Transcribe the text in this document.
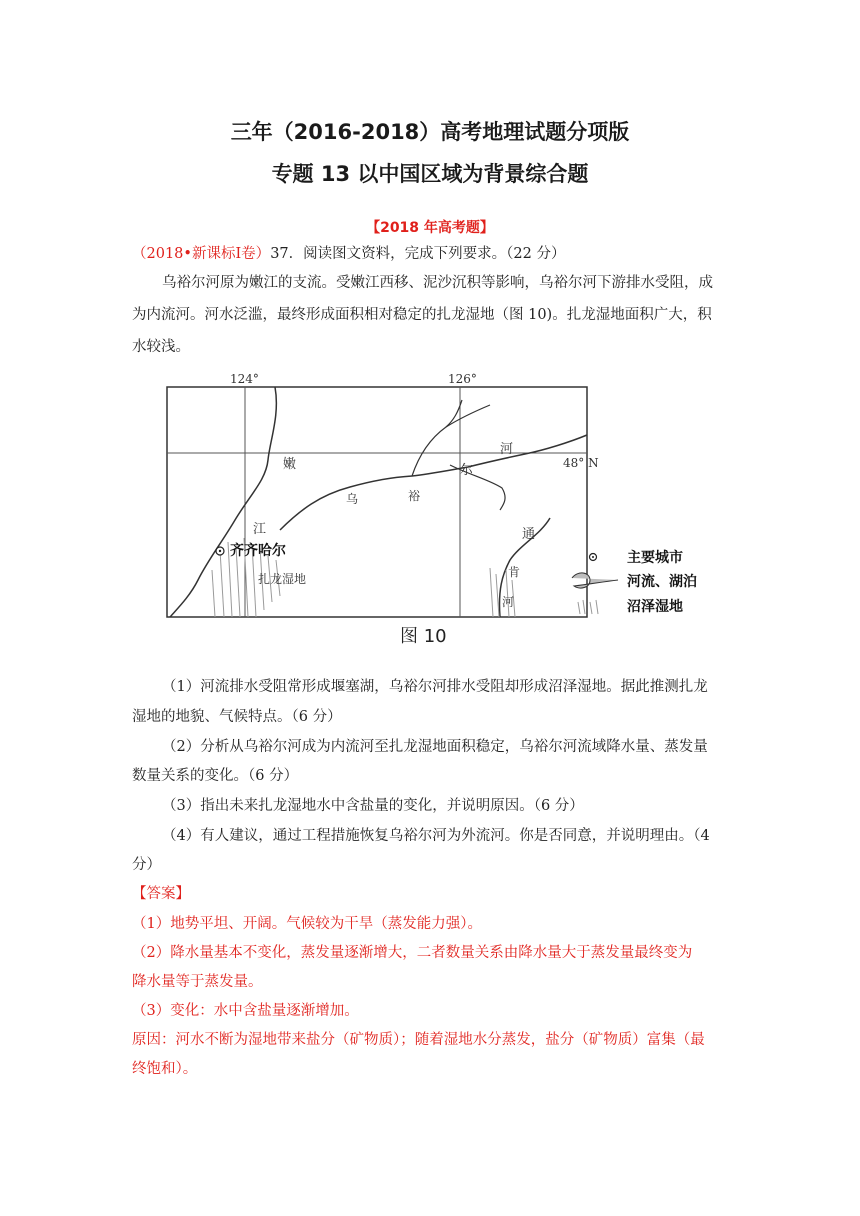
三年（2016-2018）高考地理试题分项版
专题 13 以中国区域为背景综合题
【2018 年高考题】
（2018•新课标Ⅰ卷）37．阅读图文资料，完成下列要求。（22 分）
乌裕尔河原为嫩江的支流。受嫩江西移、泥沙沉积等影响，乌裕尔河下游排水受阻，成
为内流河。河水泛滥，最终形成面积相对稳定的扎龙湿地（图 10)。扎龙湿地面积广大，积
水较浅。
124°	126°
48° N
齐齐哈尔
扎龙湿地
嫩
江
乌	裕
尔
河
通
肯
河
图 10
主要城市
河流、湖泊
沼泽湿地
（1）河流排水受阻常形成堰塞湖，乌裕尔河排水受阻却形成沼泽湿地。据此推测扎龙
湿地的地貌、气候特点。（6 分）
（2）分析从乌裕尔河成为内流河至扎龙湿地面积稳定，乌裕尔河流域降水量、蒸发量
数量关系的变化。（6 分）
（3）指出未来扎龙湿地水中含盐量的变化，并说明原因。（6 分）
（4）有人建议，通过工程措施恢复乌裕尔河为外流河。你是否同意，并说明理由。（4
分）
【答案】
（1）地势平坦、开阔。气候较为干旱（蒸发能力强）。
（2）降水量基本不变化，蒸发量逐渐增大，二者数量关系由降水量大于蒸发量最终变为
降水量等于蒸发量。
（3）变化：水中含盐量逐渐增加。
原因：河水不断为湿地带来盐分（矿物质）；随着湿地水分蒸发，盐分（矿物质）富集（最
终饱和）。
